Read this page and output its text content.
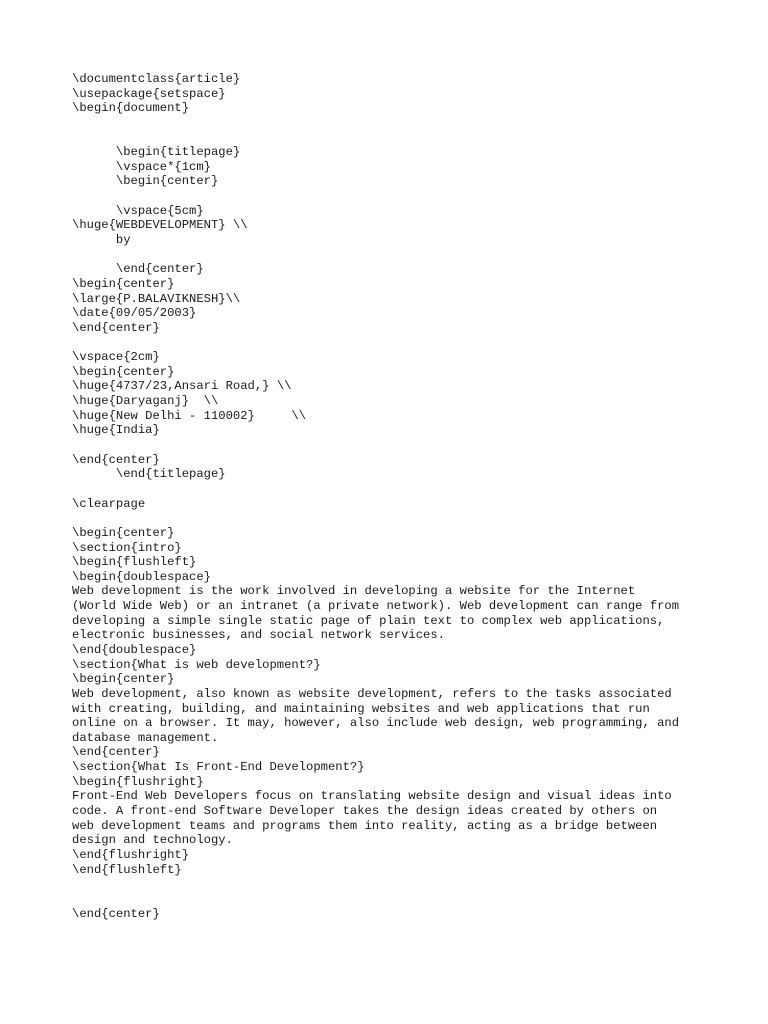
\documentclass{article}
\usepackage{setspace}
\begin{document}
\begin{titlepage}
\vspace*{1cm}
\begin{center}
\vspace{5cm}
\huge{WEBDEVELOPMENT} \\
by
\end{center}
\begin{center}
\large{P.BALAVIKNESH}\\
\date{09/05/2003}
\end{center}
\vspace{2cm}
\begin{center}
\huge{4737/23,Ansari Road,} \\
\huge{Daryaganj}  \\
\huge{New Delhi - 110002}     \\
\huge{India}
\end{center}
\end{titlepage}
\clearpage
\begin{center}
\section{intro}
\begin{flushleft}
\begin{doublespace}
Web development is the work involved in developing a website for the Internet
(World Wide Web) or an intranet (a private network). Web development can range from
developing a simple single static page of plain text to complex web applications,
electronic businesses, and social network services.
\end{doublespace}
\section{What is web development?}
\begin{center}
Web development, also known as website development, refers to the tasks associated
with creating, building, and maintaining websites and web applications that run
online on a browser. It may, however, also include web design, web programming, and
database management.
\end{center}
\section{What Is Front-End Development?}
\begin{flushright}
Front-End Web Developers focus on translating website design and visual ideas into
code. A front-end Software Developer takes the design ideas created by others on
web development teams and programs them into reality, acting as a bridge between
design and technology.
\end{flushright}
\end{flushleft}
\end{center}
